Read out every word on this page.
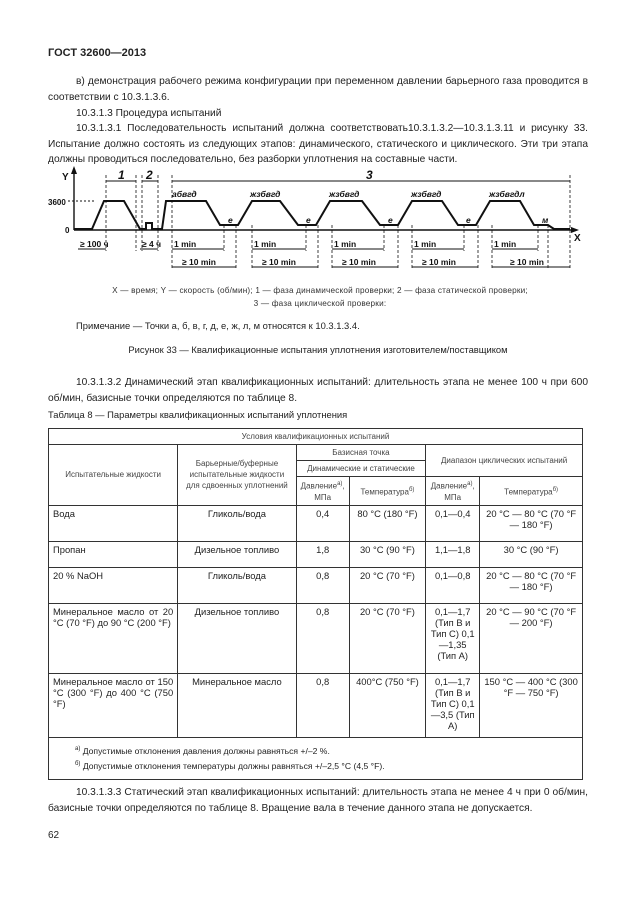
ГОСТ 32600—2013
в) демонстрация рабочего режима конфигурации при переменном давлении барьерного газа проводится в соответствии с 10.3.1.3.6.
10.3.1.3 Процедура испытаний
10.3.1.3.1 Последовательность испытаний должна соответствовать10.3.1.3.2—10.3.1.3.11 и рисунку 33. Испытание должно состоять из следующих этапов: динамического, статического и циклического. Эти три этапа должны проводиться последовательно, без разборки уплотнения на составные части.
Y
X
3600
0
1 2	3
абвгд	жзбвгд	жзбвгд	жзбвгд	жзбвгдл
е	е	е	е	м
≥ 100 ч	≥ 4 ч 1 min	1 min	1 min	1 min	1 min
≥ 10 min	≥ 10 min	≥ 10 min	≥ 10 min	≥ 10 min
X — время; Y — скорость (об/мин); 1 — фаза динамической проверки; 2 — фаза статической проверки;
3 — фаза циклической проверки:
Примечание — Точки а, б, в, г, д, е, ж, л, м относятся к 10.3.1.3.4.
Рисунок 33 — Квалификационные испытания уплотнения изготовителем/поставщиком
10.3.1.3.2 Динамический этап квалификационных испытаний: длительность этапа не менее 100 ч при 600 об/мин, базисные точки определяются по таблице 8.
Таблица 8 — Параметры квалификационных испытаний уплотнения
Условия квалификационных испытаний					
Испытательные жидкости	Барьерные/буферные испытательные жидкости для сдвоенных уплотнений	Базисная точка		Диапазон циклических испытаний	
		Динамические и статические			
		Давление$^{а)}$, МПа	Температура$^{б)}$	Давление$^{а)}$, МПа	Температура$^{б)}$
Вода	Гликоль/вода	0,4	80 °С (180 °F)	0,1—0,4	20 °С — 80 °С (70 °F — 180 °F)
Пропан	Дизельное топливо	1,8	30 °С (90 °F)	1,1—1,8	30 °С (90 °F)
20 % NaOH	Гликоль/вода	0,8	20 °С (70 °F)	0,1—0,8	20 °С — 80 °С (70 °F — 180 °F)
Минеральное масло от 20 °С (70 °F) до 90 °С (200 °F)	Дизельное топливо	0,8	20 °С (70 °F)	0,1—1,7 (Тип В и Тип С) 0,1—1,35 (Тип А)	20 °С — 90 °С (70 °F — 200 °F)
Минеральное масло от 150 °С (300 °F) до 400 °С (750 °F)	Минеральное масло	0,8	400°С (750 °F)	0,1—1,7 (Тип В и Тип С) 0,1—3,5 (Тип А)	150 °С — 400 °С (300 °F — 750 °F)

$^{а)}$ Допустимые отклонения давления должны равняться +/–2 %.
$^{б)}$ Допустимые отклонения температуры должны равняться +/–2,5 °С (4,5 °F).					
10.3.1.3.3 Статический этап квалификационных испытаний: длительность этапа не менее 4 ч при 0 об/мин, базисные точки определяются по таблице 8. Вращение вала в течение данного этапа не допускается.
62
